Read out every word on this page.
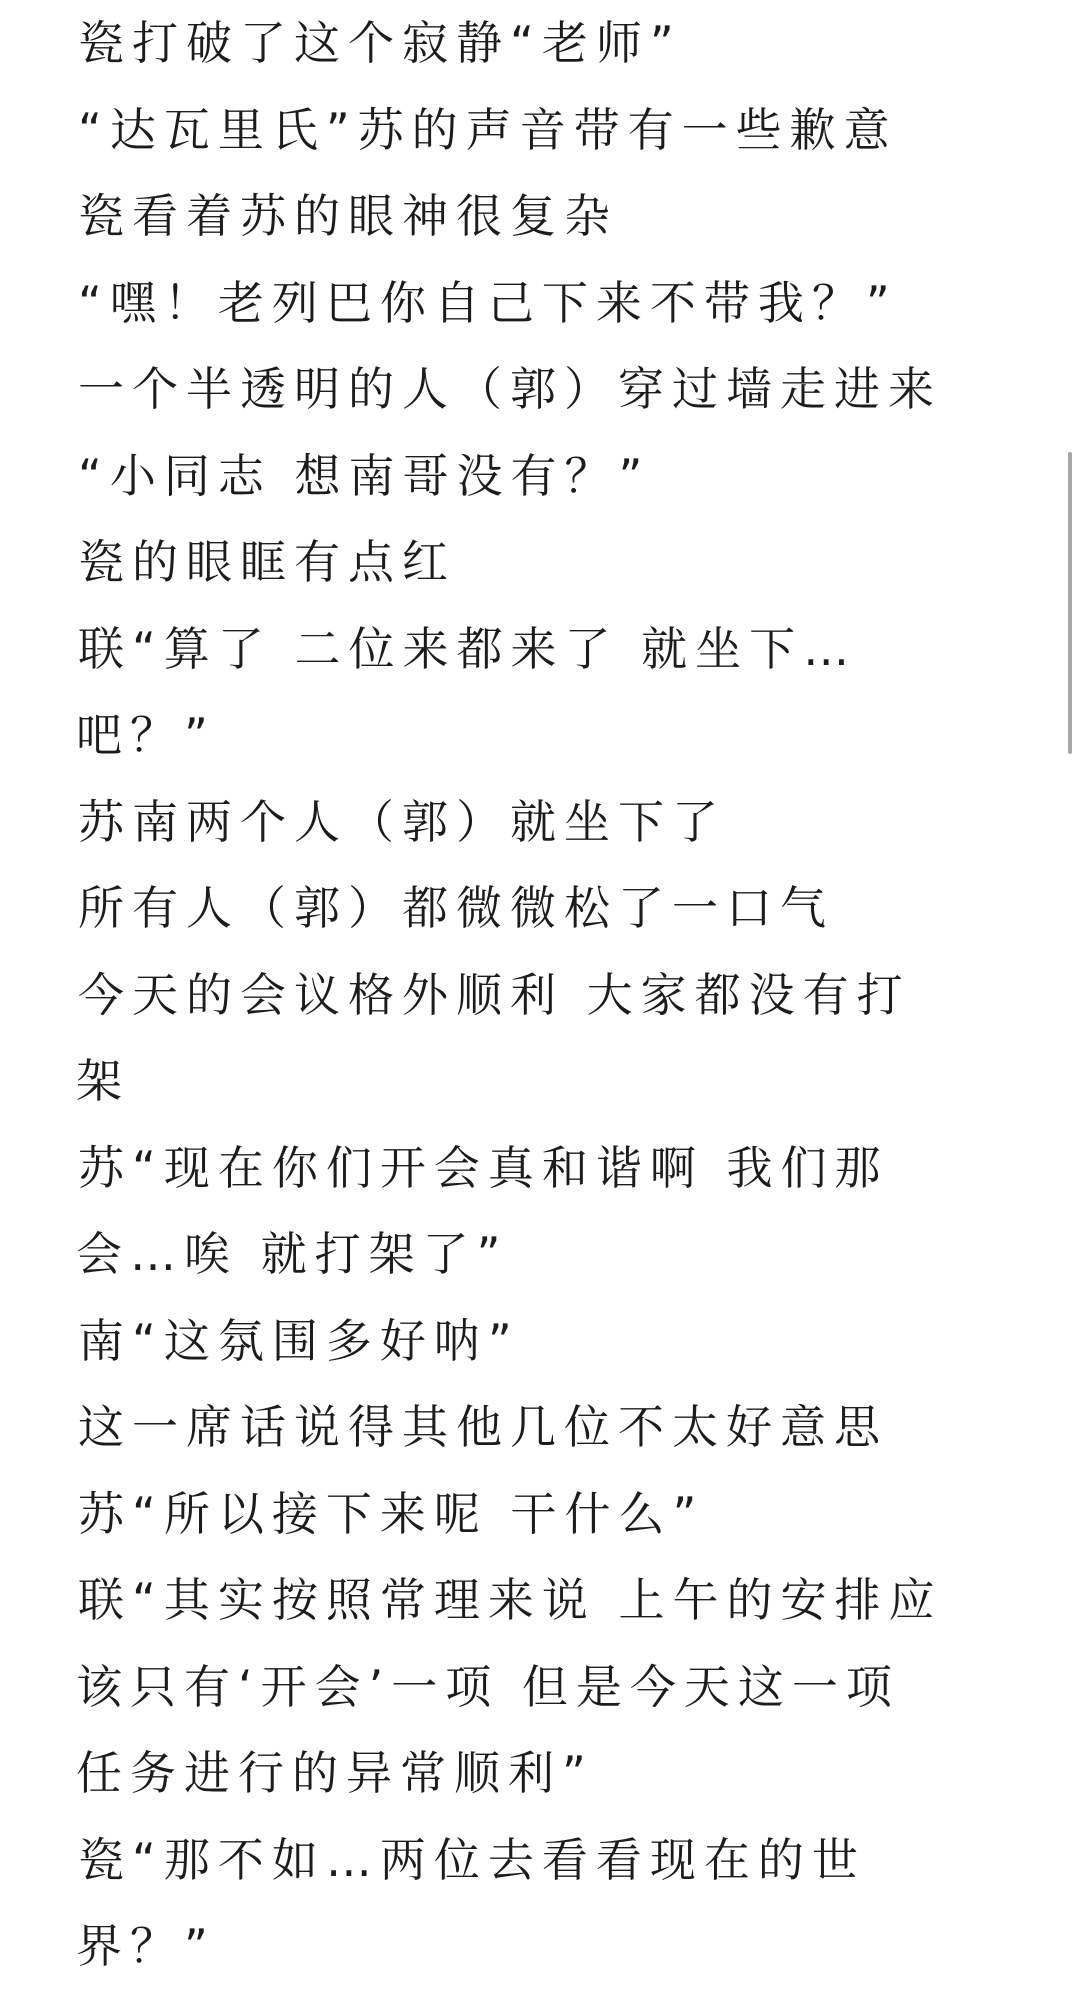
瓷打破了这个寂静“老师”
“达瓦里氏”苏的声音带有一些歉意
瓷看着苏的眼神很复杂
“嘿！老列巴你自己下来不带我？”
一个半透明的人（郭）穿过墙走进来
“小同志 想南哥没有？”
瓷的眼眶有点红
联“算了 二位来都来了 就坐下…
吧？”
苏南两个人（郭）就坐下了
所有人（郭）都微微松了一口气
今天的会议格外顺利 大家都没有打
架
苏“现在你们开会真和谐啊 我们那
会…唉 就打架了”
南“这氛围多好呐”
这一席话说得其他几位不太好意思
苏“所以接下来呢 干什么”
联“其实按照常理来说 上午的安排应
该只有‘开会’一项 但是今天这一项
任务进行的异常顺利”
瓷“那不如…两位去看看现在的世
界？”
